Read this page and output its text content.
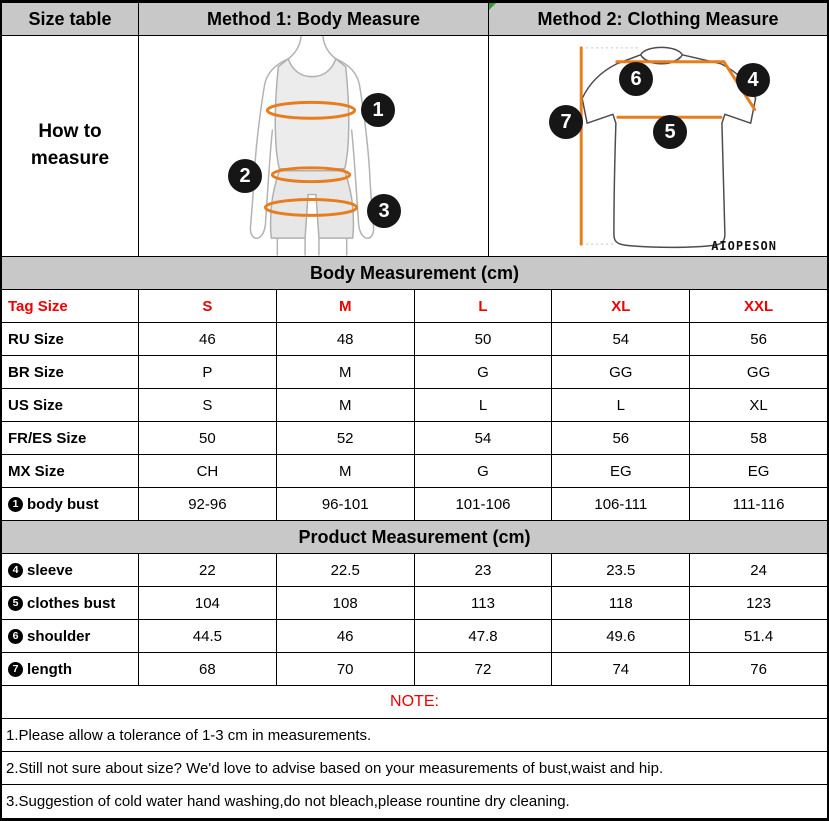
Size table	Method 1: Body Measure	Method 2: Clothing Measure
How to
measure
1
2
3
6	4
7	5
AIOPESON
Body Measurement (cm)
Tag Size	S	M	L	XL	XXL
RU Size	46	48	50	54	56
BR Size	P	M	G	GG	GG
US Size	S	M	L	L	XL
FR/ES Size	50	52	54	56	58
MX Size	CH	M	G	EG	EG
1 body bust	92-96	96-101	101-106	106-111	111-116
Product Measurement (cm)
4 sleeve	22	22.5	23	23.5	24
5 clothes bust	104	108	113	118	123
6 shoulder	44.5	46	47.8	49.6	51.4
7 length	68	70	72	74	76
NOTE:
1.Please allow a tolerance of 1-3 cm in measurements.
2.Still not sure about size? We'd love to advise based on your measurements of bust,waist and hip.
3.Suggestion of cold water hand washing,do not bleach,please rountine dry cleaning.
